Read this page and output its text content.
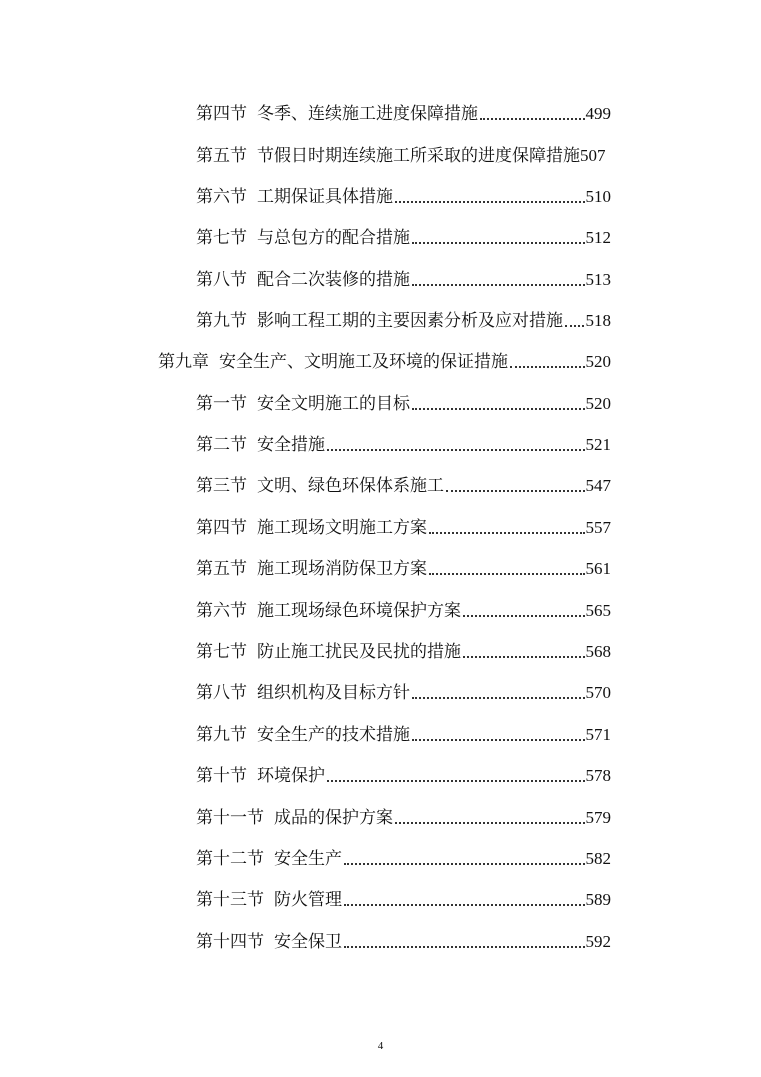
第四节 冬季、连续施工进度保障措施	499
第五节 节假日时期连续施工所采取的进度保障措施 507
第六节 工期保证具体措施	510
第七节 与总包方的配合措施	512
第八节 配合二次装修的措施	513
第九节 影响工程工期的主要因素分析及应对措施 518
第九章 安全生产、文明施工及环境的保证措施	520
第一节 安全文明施工的目标	520
第二节 安全措施	521
第三节 文明、绿色环保体系施工	547
第四节 施工现场文明施工方案	557
第五节 施工现场消防保卫方案	561
第六节 施工现场绿色环境保护方案	565
第七节 防止施工扰民及民扰的措施	568
第八节 组织机构及目标方针	570
第九节 安全生产的技术措施	571
第十节 环境保护	578
第十一节 成品的保护方案	579
第十二节 安全生产	582
第十三节 防火管理	589
第十四节 安全保卫	592
4
